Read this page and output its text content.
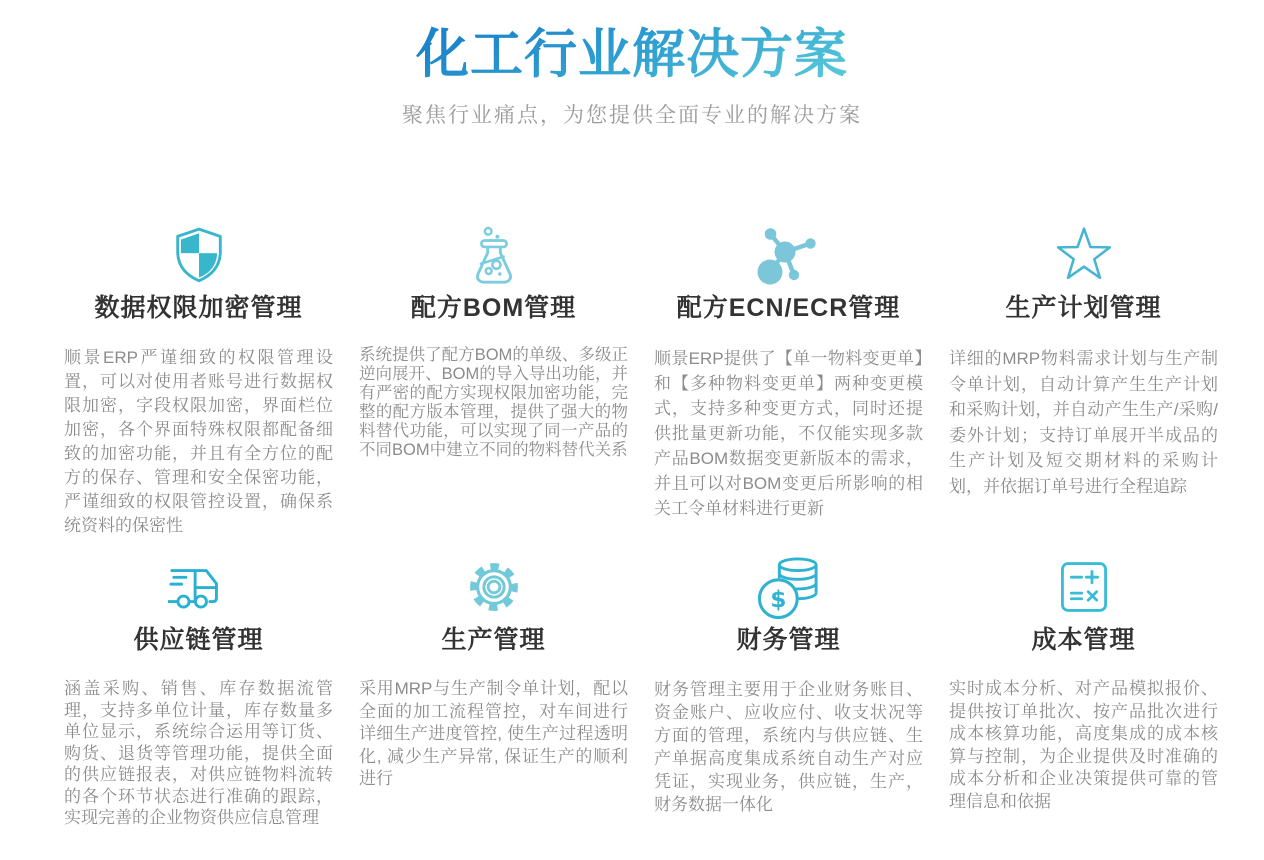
化工行业解决方案

聚焦行业痛点，为您提供全面专业的解决方案

数据权限加密管理

顺景ERP严谨细致的权限管理设置，可以对使用者账号进行数据权限加密，字段权限加密，界面栏位加密，各个界面特殊权限都配备细致的加密功能，并且有全方位的配方的保存、管理和安全保密功能，严谨细致的权限管控设置，确保系统资料的保密性

配方BOM管理

系统提供了配方BOM的单级、多级正逆向展开、BOM的导入导出功能，并有严密的配方实现权限加密功能，完整的配方版本管理，提供了强大的物料替代功能，可以实现了同一产品的不同BOM中建立不同的物料替代关系

配方ECN/ECR管理

顺景ERP提供了【单一物料变更单】和【多种物料变更单】两种变更模式，支持多种变更方式，同时还提供批量更新功能，不仅能实现多款产品BOM数据变更新版本的需求，并且可以对BOM变更后所影响的相关工令单材料进行更新

生产计划管理

详细的MRP物料需求计划与生产制令单计划，自动计算产生生产计划和采购计划，并自动产生生产/采购/委外计划；支持订单展开半成品的生产计划及短交期材料的采购计划，并依据订单号进行全程追踪

供应链管理

涵盖采购、销售、库存数据流管理，支持多单位计量，库存数量多单位显示，系统综合运用等订货、购货、退货等管理功能，提供全面的供应链报表，对供应链物料流转的各个环节状态进行准确的跟踪，实现完善的企业物资供应信息管理

生产管理

采用MRP与生产制令单计划，配以全面的加工流程管控，对车间进行详细生产进度管控, 使生产过程透明化, 减少生产异常, 保证生产的顺利进行

$
财务管理

财务管理主要用于企业财务账目、资金账户、应收应付、收支状况等方面的管理，系统内与供应链、生产单据高度集成系统自动生产对应凭证，实现业务，供应链，生产，财务数据一体化

成本管理

实时成本分析、对产品模拟报价、提供按订单批次、按产品批次进行成本核算功能，高度集成的成本核算与控制，为企业提供及时准确的成本分析和企业决策提供可靠的管理信息和依据
